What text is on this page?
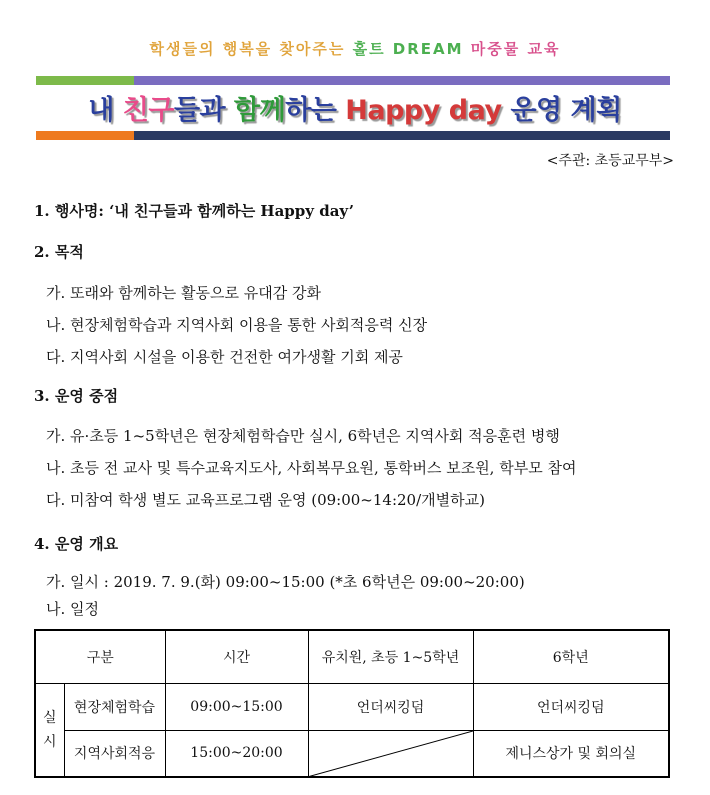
학생들의 행복을 찾아주는 홀트 DREAM 마중물 교육
내 친구들과 함께하는 Happy day 운영 계획
<주관: 초등교무부>
1. 행사명: ‘내 친구들과 함께하는 Happy day’
2. 목적
가. 또래와 함께하는 활동으로 유대감 강화
나. 현장체험학습과 지역사회 이용을 통한 사회적응력 신장
다. 지역사회 시설을 이용한 건전한 여가생활 기회 제공
3. 운영 중점
가. 유·초등 1~5학년은 현장체험학습만 실시, 6학년은 지역사회 적응훈련 병행
나. 초등 전 교사 및 특수교육지도사, 사회복무요원, 통학버스 보조원, 학부모 참여
다. 미참여 학생 별도 교육프로그램 운영 (09:00~14:20/개별하교)
4. 운영 개요
가. 일시 : 2019. 7. 9.(화) 09:00~15:00 (*초 6학년은 09:00~20:00)
나. 일정
구분		시간	유치원, 초등 1~5학년	6학년
실
시	현장체험학습	09:00~15:00	언더씨킹덤	언더씨킹덤
	지역사회적응	15:00~20:00		제니스상가 및 회의실
